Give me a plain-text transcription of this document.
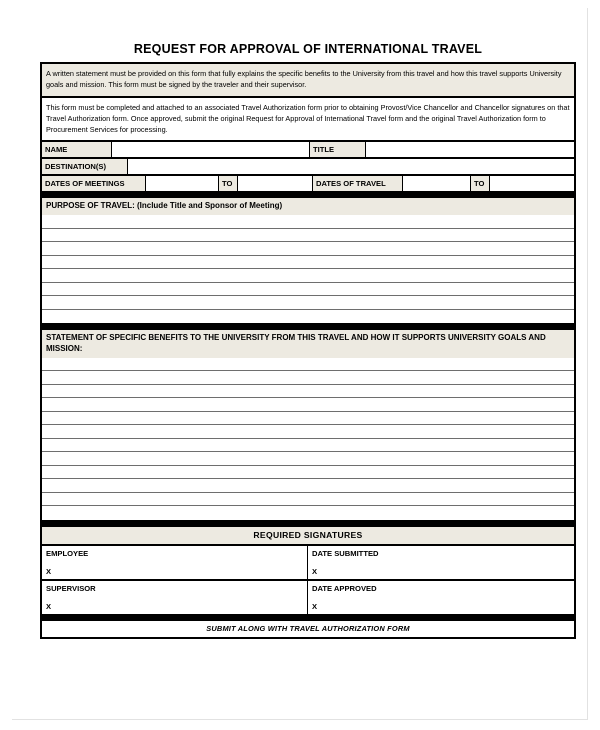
REQUEST FOR APPROVAL OF INTERNATIONAL TRAVEL
A written statement must be provided on this form that fully explains the specific benefits to the University from this travel and how this travel supports University goals and mission. This form must be signed by the traveler and their supervisor.
This form must be completed and attached to an associated Travel Authorization form prior to obtaining Provost/Vice Chancellor and Chancellor signatures on that Travel Authorization form. Once approved, submit the original Request for Approval of International Travel form and the original Travel Authorization form to Procurement Services for processing.
NAME	TITLE
DESTINATION(S)
DATES OF MEETINGS	TO	DATES OF TRAVEL	TO
PURPOSE OF TRAVEL: (Include Title and Sponsor of Meeting)
STATEMENT OF SPECIFIC BENEFITS TO THE UNIVERSITY FROM THIS TRAVEL AND HOW IT SUPPORTS UNIVERSITY GOALS AND MISSION:
REQUIRED SIGNATURES
EMPLOYEE
X
DATE SUBMITTED
X
SUPERVISOR
X
DATE APPROVED
X
SUBMIT ALONG WITH TRAVEL AUTHORIZATION FORM
